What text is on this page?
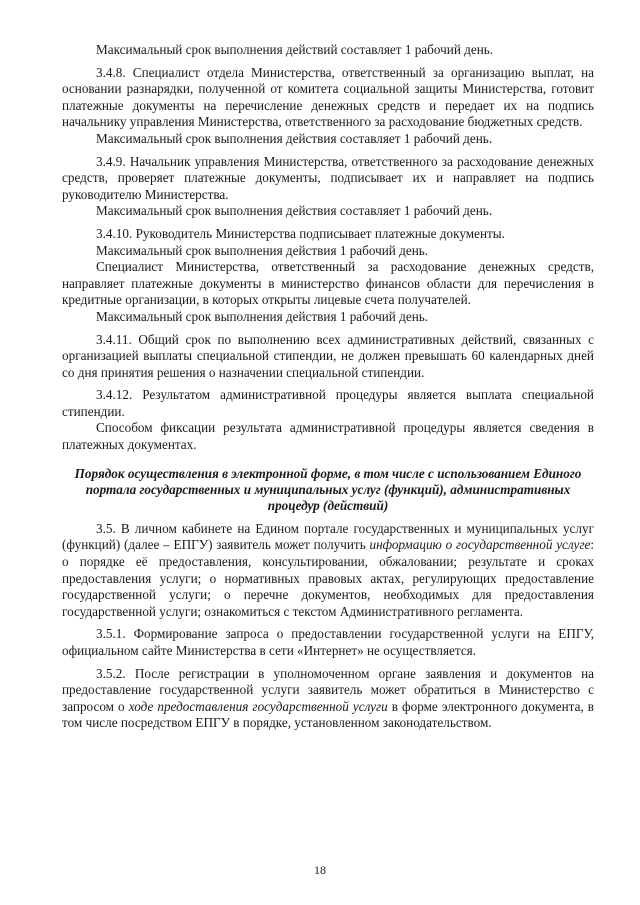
Максимальный срок выполнения действий составляет 1 рабочий день.

3.4.8. Специалист отдела Министерства, ответственный за организацию выплат, на основании разнарядки, полученной от комитета социальной защиты Министерства, готовит платежные документы на перечисление денежных средств и передает их на подпись начальнику управления Министерства, ответственного за расходование бюджетных средств.

Максимальный срок выполнения действия составляет 1 рабочий день.

3.4.9. Начальник управления Министерства, ответственного за расходование денежных средств, проверяет платежные документы, подписывает их и направляет на подпись руководителю Министерства.

Максимальный срок выполнения действия составляет 1 рабочий день.

3.4.10. Руководитель Министерства подписывает платежные документы.

Максимальный срок выполнения действия 1 рабочий день.

Специалист Министерства, ответственный за расходование денежных средств, направляет платежные документы в министерство финансов области для перечисления в кредитные организации, в которых открыты лицевые счета получателей.

Максимальный срок выполнения действия 1 рабочий день.

3.4.11. Общий срок по выполнению всех административных действий, связанных с организацией выплаты специальной стипендии, не должен превышать 60 календарных дней со дня принятия решения о назначении специальной стипендии.

3.4.12. Результатом административной процедуры является выплата специальной стипендии.

Способом фиксации результата административной процедуры является сведения в платежных документах.

Порядок осуществления в электронной форме, в том числе с использованием Единого портала государственных и муниципальных услуг (функций), административных процедур (действий)

3.5. В личном кабинете на Едином портале государственных и муниципальных услуг (функций) (далее – ЕПГУ) заявитель может получить информацию о государственной услуге: о порядке её предоставления, консультировании, обжаловании; результате и сроках предоставления услуги; о нормативных правовых актах, регулирующих предоставление государственной услуги; о перечне документов, необходимых для предоставления государственной услуги; ознакомиться с текстом Административного регламента.

3.5.1. Формирование запроса о предоставлении государственной услуги на ЕПГУ, официальном сайте Министерства в сети «Интернет» не осуществляется.

3.5.2. После регистрации в уполномоченном органе заявления и документов на предоставление государственной услуги заявитель может обратиться в Министерство с запросом о ходе предоставления государственной услуги в форме электронного документа, в том числе посредством ЕПГУ в порядке, установленном законодательством.

18
